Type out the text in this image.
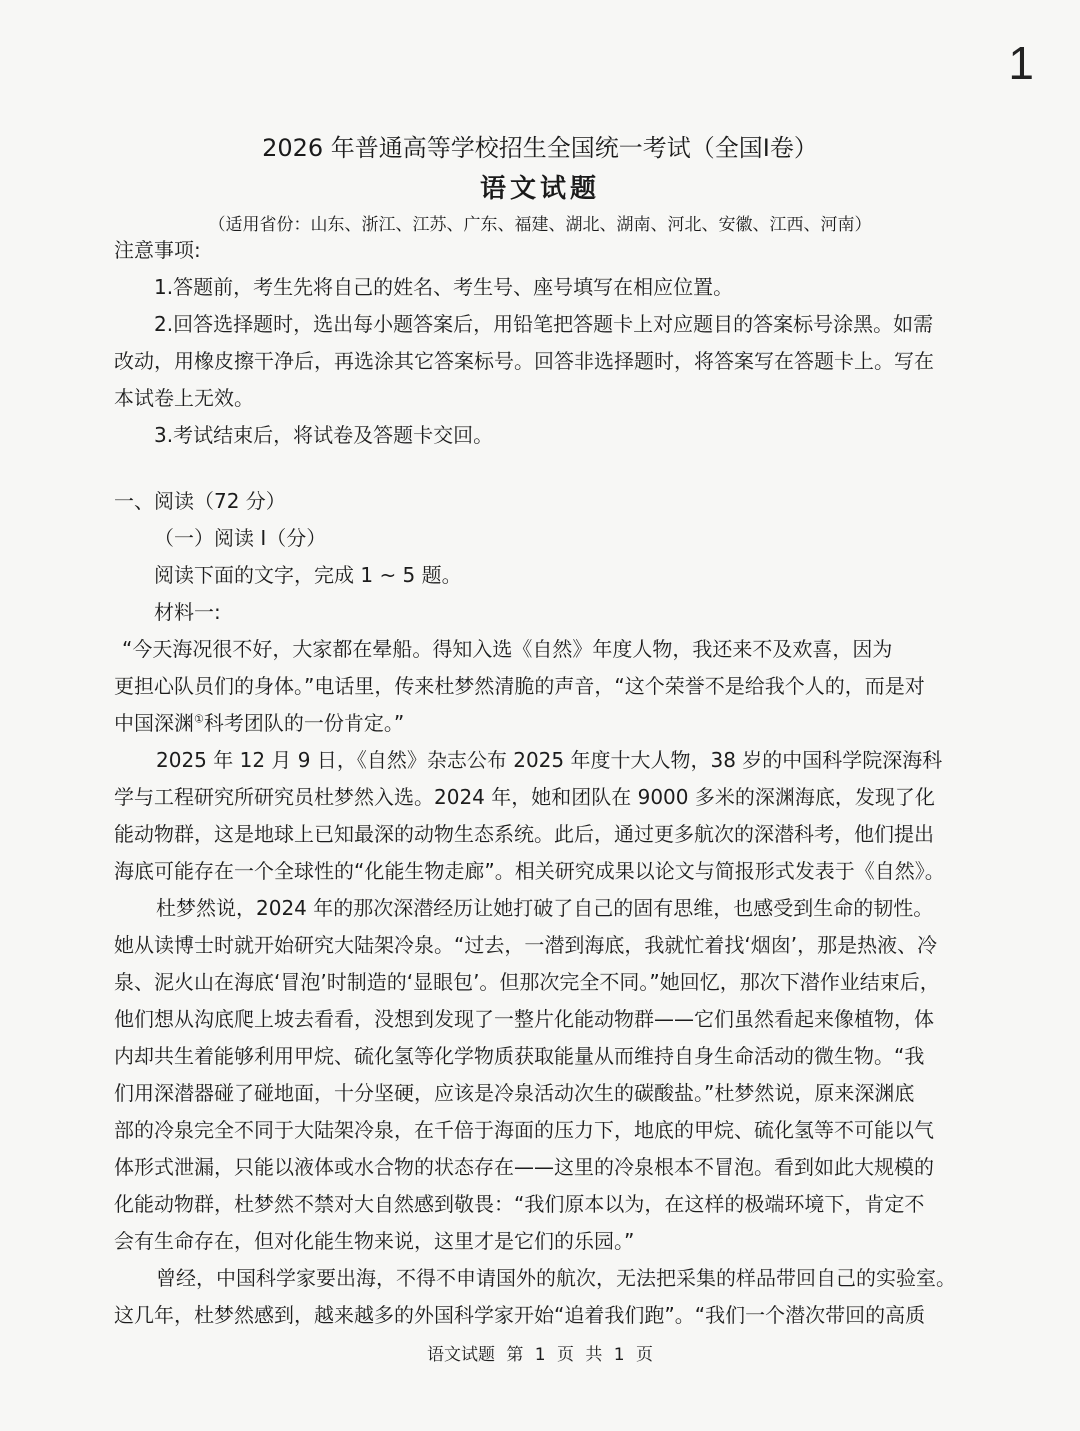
1
2026 年普通高等学校招生全国统一考试（全国I卷）
语文试题
（适用省份：山东、浙江、江苏、广东、福建、湖北、湖南、河北、安徽、江西、河南）
注意事项:
1.答题前，考生先将自己的姓名、考生号、座号填写在相应位置。
2.回答选择题时，选出每小题答案后，用铅笔把答题卡上对应题目的答案标号涂黑。如需
改动，用橡皮擦干净后，再选涂其它答案标号。回答非选择题时，将答案写在答题卡上。写在
本试卷上无效。
3.考试结束后，将试卷及答题卡交回。
一、阅读（72 分）
（一）阅读 I（分）
阅读下面的文字，完成 1 ~ 5 题。
材料一:
“今天海况很不好，大家都在晕船。得知入选《自然》年度人物，我还来不及欢喜，因为
更担心队员们的身体。”电话里，传来杜梦然清脆的声音，“这个荣誉不是给我个人的，而是对
中国深渊①科考团队的一份肯定。”
2025 年 12 月 9 日，《自然》杂志公布 2025 年度十大人物，38 岁的中国科学院深海科
学与工程研究所研究员杜梦然入选。2024 年，她和团队在 9000 多米的深渊海底，发现了化
能动物群，这是地球上已知最深的动物生态系统。此后，通过更多航次的深潜科考，他们提出
海底可能存在一个全球性的“化能生物走廊”。相关研究成果以论文与简报形式发表于《自然》。
杜梦然说，2024 年的那次深潜经历让她打破了自己的固有思维，也感受到生命的韧性。
她从读博士时就开始研究大陆架冷泉。“过去，一潜到海底，我就忙着找‘烟囱’，那是热液、冷
泉、泥火山在海底‘冒泡’时制造的‘显眼包’。但那次完全不同。”她回忆，那次下潜作业结束后，
他们想从沟底爬上坡去看看，没想到发现了一整片化能动物群——它们虽然看起来像植物，体
内却共生着能够利用甲烷、硫化氢等化学物质获取能量从而维持自身生命活动的微生物。“我
们用深潜器碰了碰地面，十分坚硬，应该是冷泉活动次生的碳酸盐。”杜梦然说，原来深渊底
部的冷泉完全不同于大陆架冷泉，在千倍于海面的压力下，地底的甲烷、硫化氢等不可能以气
体形式泄漏，只能以液体或水合物的状态存在——这里的冷泉根本不冒泡。看到如此大规模的
化能动物群，杜梦然不禁对大自然感到敬畏：“我们原本以为，在这样的极端环境下，肯定不
会有生命存在，但对化能生物来说，这里才是它们的乐园。”
曾经，中国科学家要出海，不得不申请国外的航次，无法把采集的样品带回自己的实验室。
这几年，杜梦然感到，越来越多的外国科学家开始“追着我们跑”。“我们一个潜次带回的高质
语文试题 第 1 页 共 1 页
